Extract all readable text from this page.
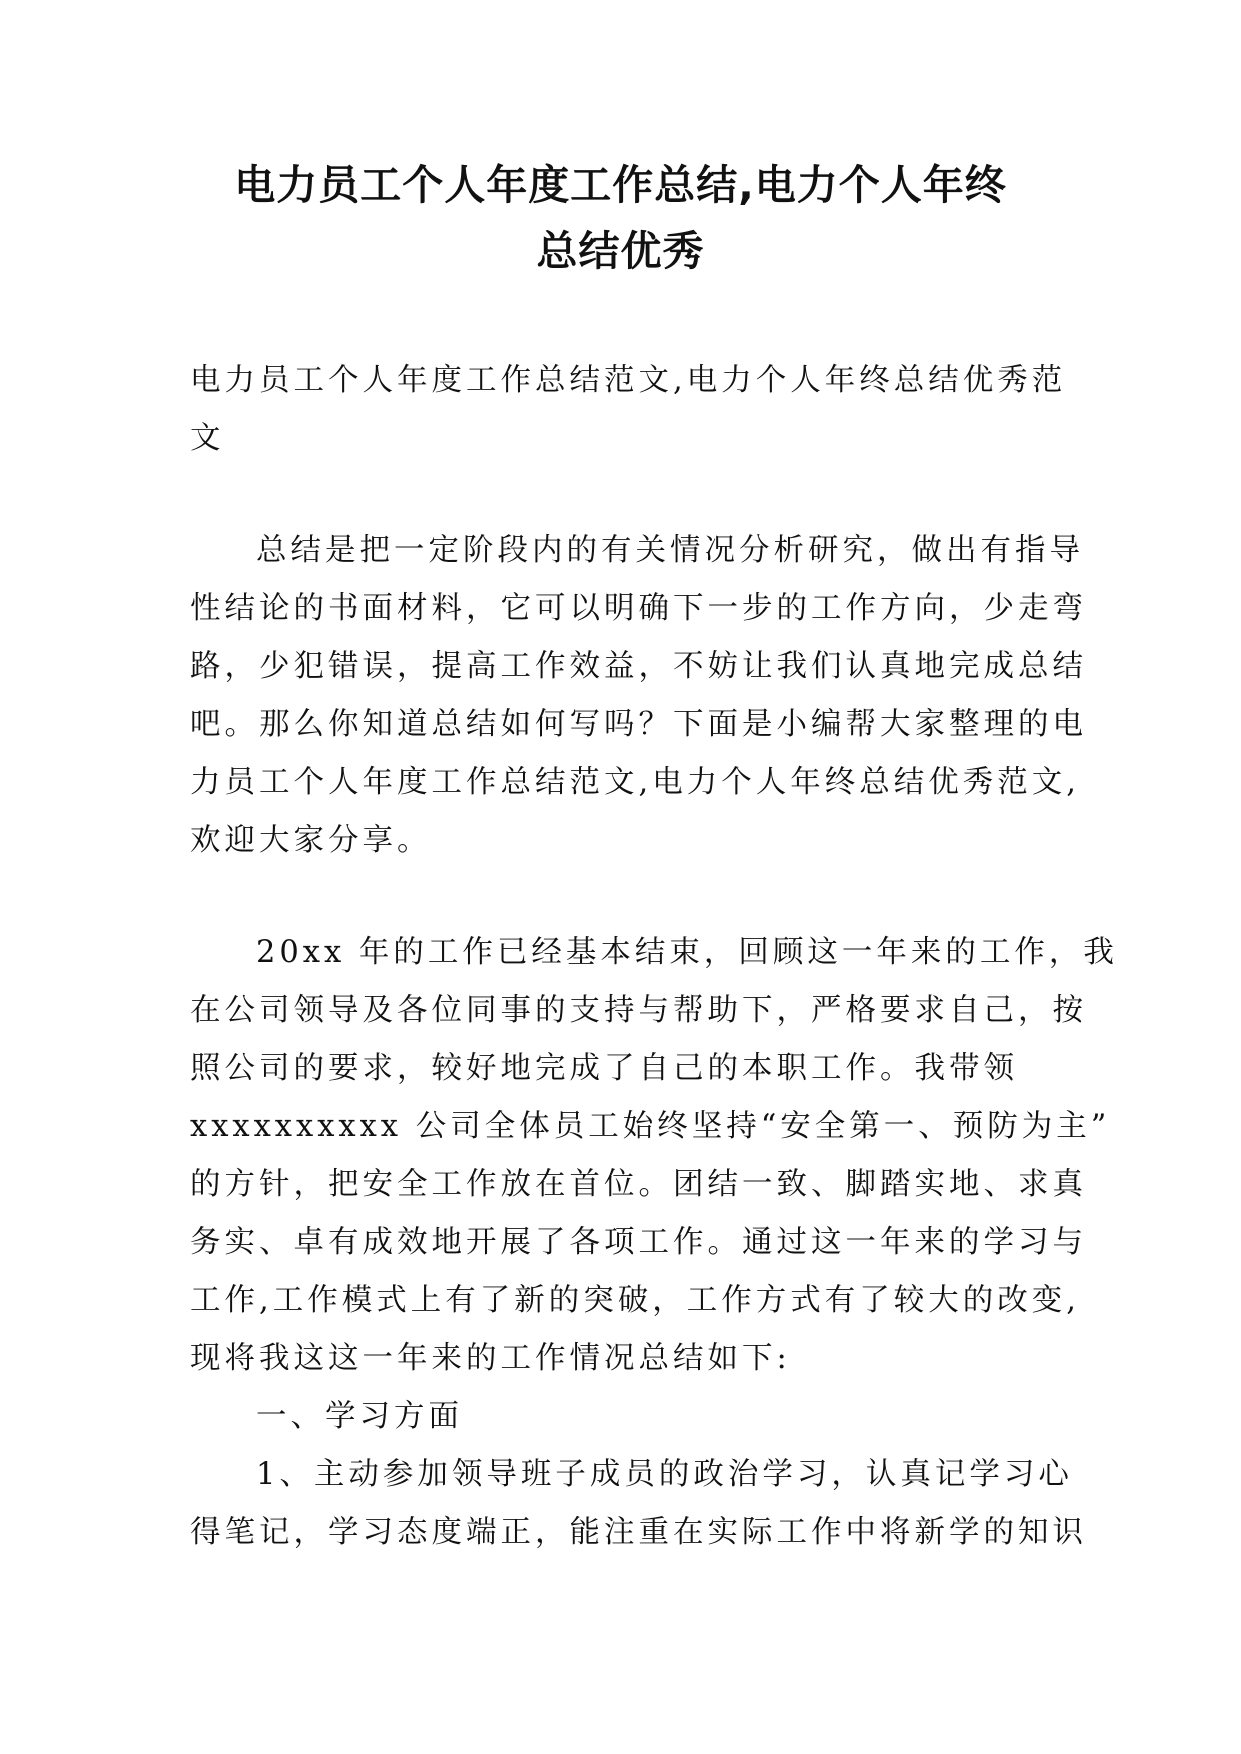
电力员工个人年度工作总结,电力个人年终
总结优秀

电力员工个人年度工作总结范文,电力个人年终总结优秀范
文

总结是把一定阶段内的有关情况分析研究，做出有指导
性结论的书面材料，它可以明确下一步的工作方向，少走弯
路，少犯错误，提高工作效益，不妨让我们认真地完成总结
吧。那么你知道总结如何写吗？下面是小编帮大家整理的电
力员工个人年度工作总结范文,电力个人年终总结优秀范文,
欢迎大家分享。

20xx 年的工作已经基本结束，回顾这一年来的工作，我
在公司领导及各位同事的支持与帮助下，严格要求自己，按
照公司的要求，较好地完成了自己的本职工作。我带领
xxxxxxxxxx 公司全体员工始终坚持“安全第一、预防为主”
的方针，把安全工作放在首位。团结一致、脚踏实地、求真
务实、卓有成效地开展了各项工作。通过这一年来的学习与
工作,工作模式上有了新的突破，工作方式有了较大的改变,
现将我这这一年来的工作情况总结如下:
一、学习方面
1、主动参加领导班子成员的政治学习，认真记学习心
得笔记，学习态度端正，能注重在实际工作中将新学的知识
